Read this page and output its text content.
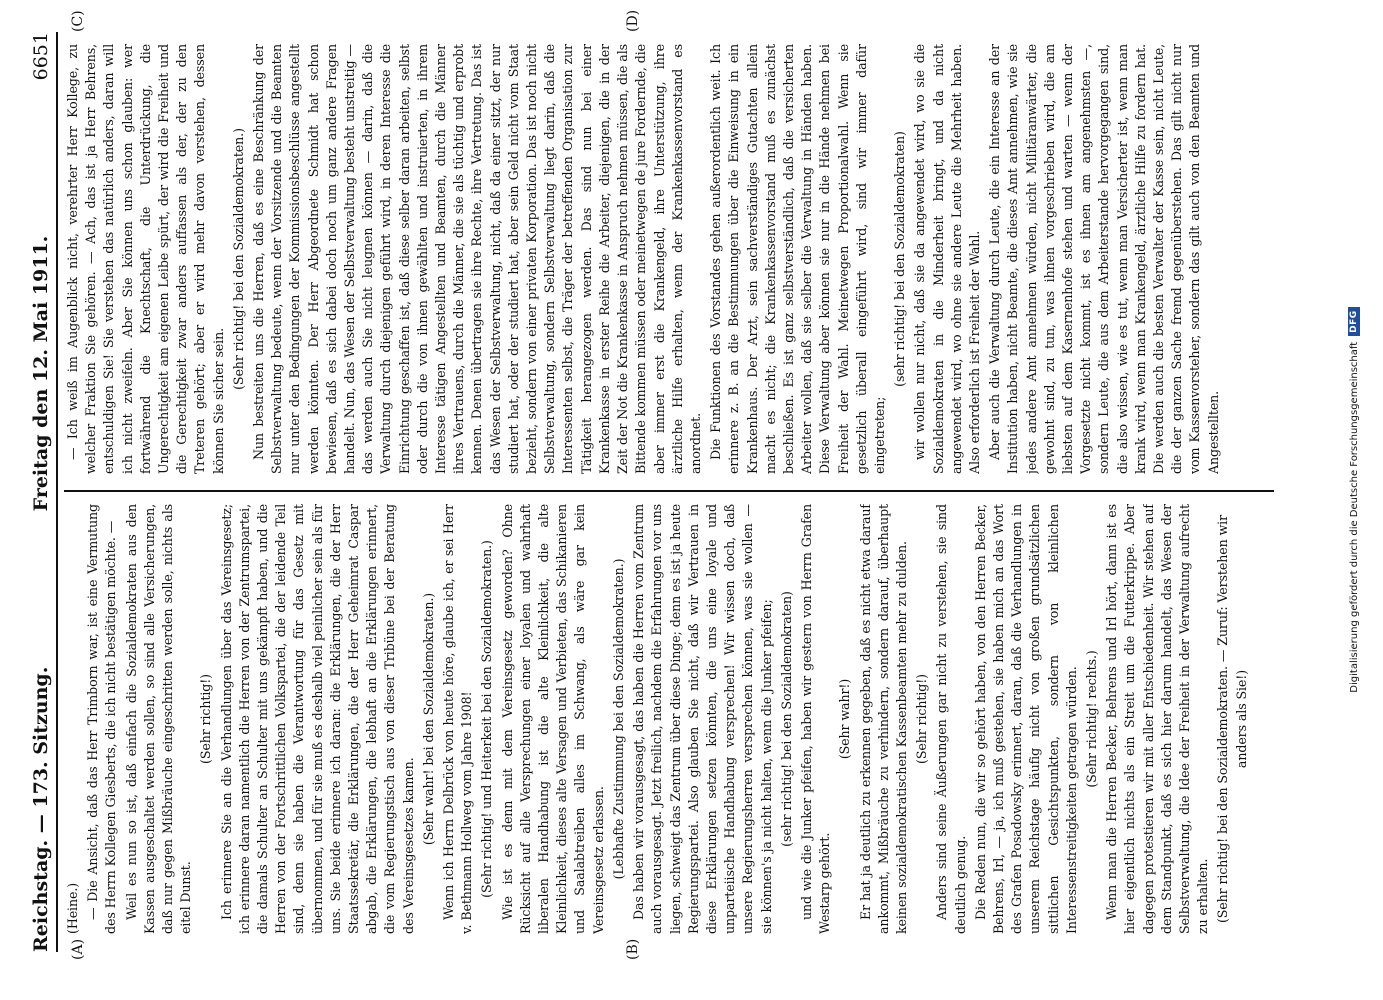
Reichstag. — 173. Sitzung.
Freitag den 12. Mai 1911.
6651
(A)	(B)
(C)	(D)

(Heine.) — Die Ansicht, daß das Herr Trimborn war, ist eine Vermutung des Herrn Kollegen Giesberts, die ich nicht bestätigen möchte. — Weil es nun so ist, daß einfach die Sozialdemokraten aus den Kassen ausgeschaltet werden sollen, so sind alle Versicherungen, daß nur gegen Mißbräuche eingeschritten werden solle, nichts als eitel Dunst.

(Sehr richtig!) Ich erinnere Sie an die Verhandlungen über das Vereinsgesetz; ich erinnere daran namentlich die Herren von der Zentrumspartei, die damals Schulter an Schulter mit uns gekämpft haben, und die Herren von der Fortschrittlichen Volkspartei, die der leidende Teil sind, denn sie haben die Verantwortung für das Gesetz mit übernommen, und für sie muß es deshalb viel peinlicher sein als für uns. Sie beide erinnere ich daran: die Erklärungen, die der Herr Staatssekretär, die Erklärungen, die der Herr Geheimrat Caspar abgab, die Erklärungen, die lebhaft an die Erklärungen erinnert, die vom Regierungstisch aus von dieser Tribüne bei der Beratung des Vereinsgesetzes kamen.

(Sehr wahr! bei den Sozialdemokraten.) Wenn ich Herrn Delbrück von heute höre, glaube ich, er sei Herr v. Bethmann Hollweg vom Jahre 1908! (Sehr richtig! und Heiterkeit bei den Sozialdemokraten.) Wie ist es denn mit dem Vereinsgesetz geworden? Ohne Rücksicht auf alle Versprechungen einer loyalen und wahrhaft liberalen Handhabung ist die alte Kleinlichkeit, die alte Kleinlichkeit, dieses alte Versagen und Verbieten, das Schikanieren und Saalabtreiben alles im Schwang, als wäre gar kein Vereinsgesetz erlassen. (Lebhafte Zustimmung bei den Sozialdemokraten.) Das haben wir vorausgesagt, das haben die Herren vom Zentrum auch vorausgesagt. Jetzt freilich, nachdem die Erfahrungen vor uns liegen, schweigt das Zentrum über diese Dinge; denn es ist ja heute Regierungspartei. Also glauben Sie nicht, daß wir Vertrauen in diese Erklärungen setzen könnten, die uns eine loyale und unparteiische Handhabung versprechen! Wir wissen doch, daß unsere Regierungsherren versprechen können, was sie wollen — sie können's ja nicht halten, wenn die Junker pfeifen; (sehr richtig! bei den Sozialdemokraten) und wie die Junker pfeifen, haben wir gestern von Herrn Grafen Westarp gehört.

(Sehr wahr!) Er hat ja deutlich zu erkennen gegeben, daß es nicht etwa darauf ankommt, Mißbräuche zu verhindern, sondern darauf, überhaupt keinen sozialdemokratischen Kassenbeamten mehr zu dulden. (Sehr richtig!) Anders sind seine Äußerungen gar nicht zu verstehen, sie sind deutlich genug. Die Reden nun, die wir so gehört haben, von den Herren Becker, Behrens, Irl, — ja, ich muß gestehen, sie haben mich an das Wort des Grafen Posadowsky erinnert, daran, daß die Verhandlungen in unserem Reichstage häufig nicht von großen grundsätzlichen sittlichen Gesichtspunkten, sondern von kleinlichen Interessenstreitigkeiten getragen würden. (Sehr richtig! rechts.) Wenn man die Herren Becker, Behrens und Irl hört, dann ist es hier eigentlich nichts als ein Streit um die Futterkrippe. Aber dagegen protestieren wir mit aller Entschiedenheit. Wir stehen auf dem Standpunkt, daß es sich hier darum handelt, das Wesen der Selbstverwaltung, die Idee der Freiheit in der Verwaltung aufrecht zu erhalten. (Sehr richtig! bei den Sozialdemokraten. — Zuruf: Verstehen wir anders als Sie!)

— Ich weiß im Augenblick nicht, verehrter Herr Kollege, zu welcher Fraktion Sie gehören. — Ach, das ist ja Herr Behrens, entschuldigen Sie! Sie verstehen das natürlich anders, daran will ich nicht zweifeln. Aber Sie können uns schon glauben: wer fortwährend die Knechtschaft, die Unterdrückung, die Ungerechtigkeit am eigenen Leibe spürt, der wird die Freiheit und die Gerechtigkeit zwar anders auffassen als der, der zu den Treteren gehört; aber er wird mehr davon verstehen, dessen können Sie sicher sein.

(Sehr richtig! bei den Sozialdemokraten.) Nun bestreiten uns die Herren, daß es eine Beschränkung der Selbstverwaltung bedeute, wenn der Vorsitzende und die Beamten nur unter den Bedingungen der Kommissionsbeschlüsse angestellt werden könnten. Der Herr Abgeordnete Schmidt hat schon bewiesen, daß es sich dabei doch noch um ganz andere Fragen handelt. Nun, das Wesen der Selbstverwaltung besteht unstreitig — das werden auch Sie nicht leugnen können — darin, daß die Verwaltung durch diejenigen geführt wird, in deren Interesse die Einrichtung geschaffen ist, daß diese selber daran arbeiten, selbst oder durch die von ihnen gewählten und instruierten, in ihrem Interesse tätigen Angestellten und Beamten, durch die Männer ihres Vertrauens, durch die Männer, die sie als tüchtig und erprobt kennen. Denen übertragen sie ihre Rechte, ihre Vertretung. Das ist das Wesen der Selbstverwaltung, nicht, daß da einer sitzt, der nur studiert hat, oder der studiert hat, aber sein Geld nicht vom Staat bezieht, sondern von einer privaten Korporation. Das ist noch nicht Selbstverwaltung, sondern Selbstverwaltung liegt darin, daß die Interessenten selbst, die Träger der betreffenden Organisation zur Tätigkeit herangezogen werden. Das sind nun bei einer Krankenkasse in erster Reihe die Arbeiter, diejenigen, die in der Zeit der Not die Krankenkasse in Anspruch nehmen müssen, die als Bittende kommen müssen oder meinetwegen de jure Fordernde, die aber immer erst die Krankengeld, ihre Unterstützung, ihre ärztliche Hilfe erhalten, wenn der Krankenkassenvorstand es anordnet. Die Funktionen des Vorstandes gehen außerordentlich weit. Ich erinnere z. B. an die Bestimmungen über die Einweisung in ein Krankenhaus. Der Arzt, sein sachverständiges Gutachten allein macht es nicht; die Krankenkassenvorstand muß es zunächst beschließen. Es ist ganz selbstverständlich, daß die versicherten Arbeiter wollen, daß sie selber die Verwaltung in Händen haben. Diese Verwaltung aber können sie nur in die Hände nehmen bei Freiheit der Wahl. Meinetwegen Proportionalwahl. Wenn sie gesetzlich überall eingeführt wird, sind wir immer dafür eingetreten;

(sehr richtig! bei den Sozialdemokraten) wir wollen nur nicht, daß sie da angewendet wird, wo sie die Sozialdemokraten in die Minderheit bringt, und da nicht angewendet wird, wo ohne sie andere Leute die Mehrheit haben. Also erforderlich ist Freiheit der Wahl. Aber auch die Verwaltung durch Leute, die ein Interesse an der Institution haben, nicht Beamte, die dieses Amt annehmen, wie sie jedes andere Amt annehmen würden, nicht Militäranwärter, die gewohnt sind, zu tun, was ihnen vorgeschrieben wird, die am liebsten auf dem Kasernenhofe stehen und warten — wenn der Vorgesetzte nicht kommt, ist es ihnen am angenehmsten —, sondern Leute, die aus dem Arbeiterstande hervorgegangen sind, die also wissen, wie es tut, wenn man Versicherter ist, wenn man krank wird, wenn man Krankengeld, ärztliche Hilfe zu fordern hat. Die werden auch die besten Verwalter der Kasse sein, nicht Leute, die der ganzen Sache fremd gegenüberstehen. Das gilt nicht nur vom Kassenvorsteher, sondern das gilt auch von den Beamten und Angestellten.	Digitalisierung gefördert durch die Deutsche Forschungsgemeinschaft
DFG
